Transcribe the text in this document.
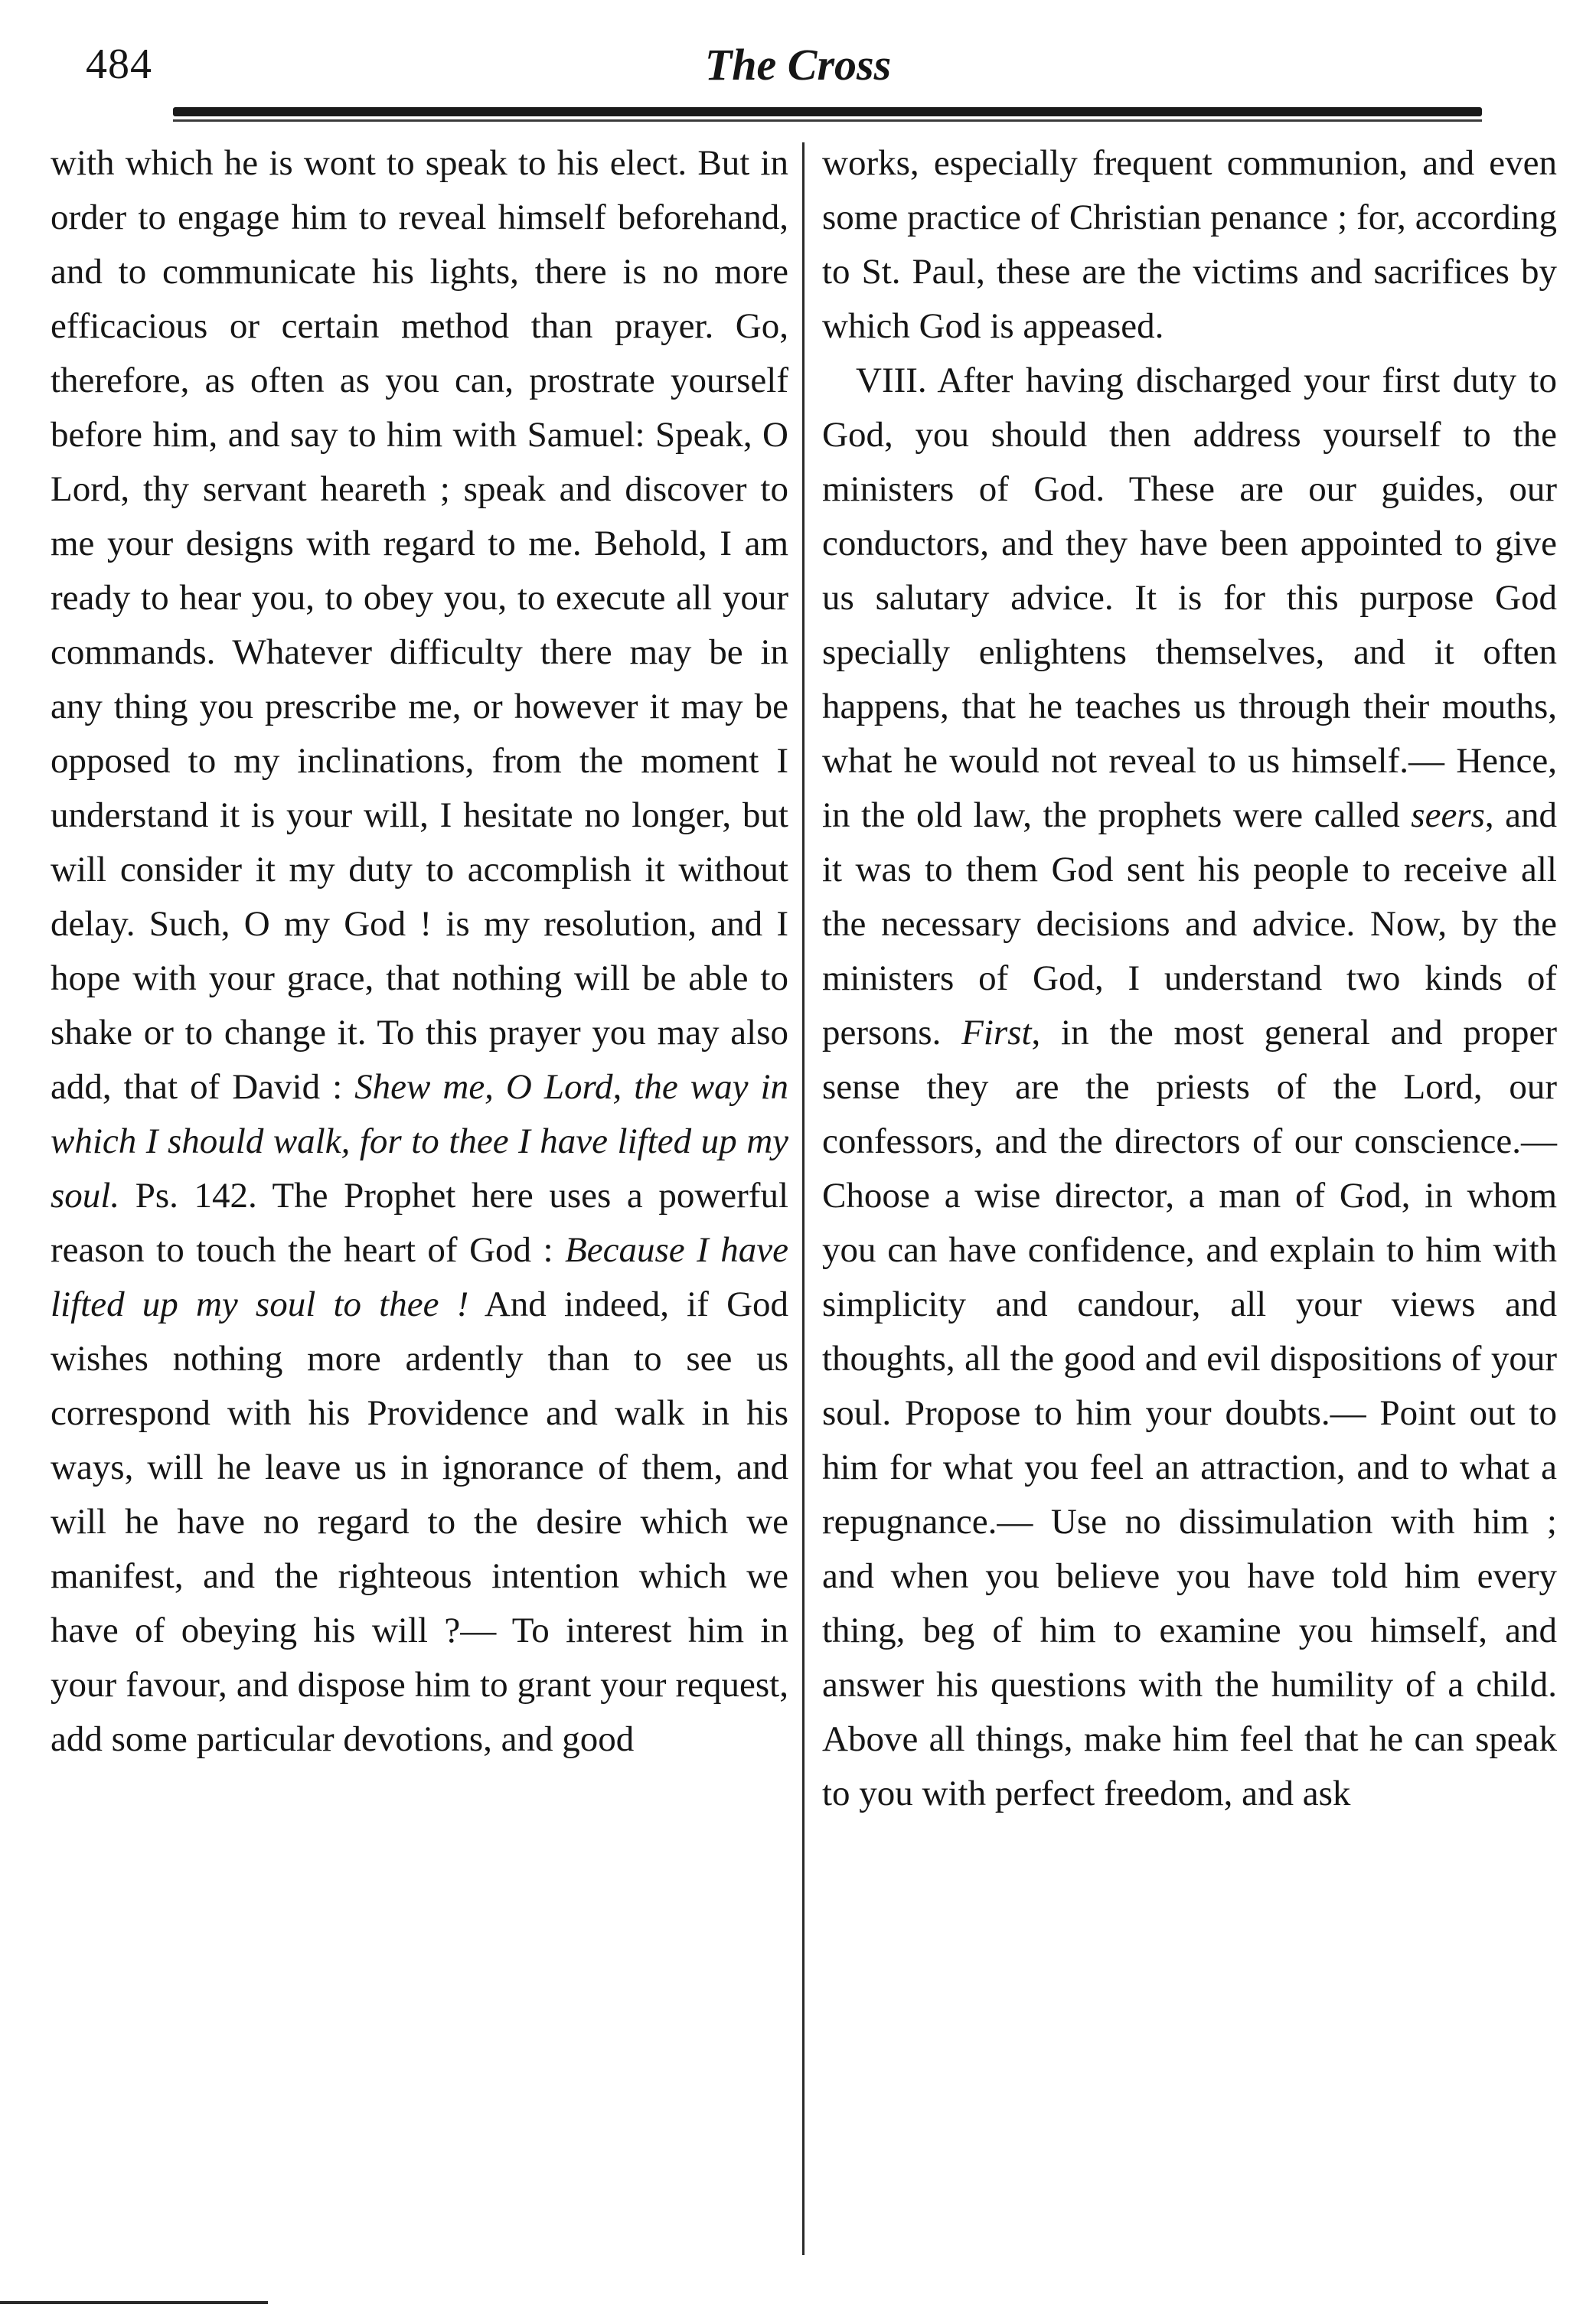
484	The Cross

with which he is wont to speak to his elect. But in order to engage him to reveal himself beforehand, and to communicate his lights, there is no more efficacious or certain method than prayer. Go, therefore, as often as you can, prostrate yourself before him, and say to him with Samuel: Speak, O Lord, thy servant heareth ; speak and discover to me your designs with regard to me. Behold, I am ready to hear you, to obey you, to execute all your commands. Whatever difficulty there may be in any thing you prescribe me, or however it may be opposed to my inclinations, from the moment I understand it is your will, I hesitate no longer, but will consider it my duty to accomplish it without delay. Such, O my God ! is my resolution, and I hope with your grace, that nothing will be able to shake or to change it. To this prayer you may also add, that of David : Shew me, O Lord, the way in which I should walk, for to thee I have lifted up my soul. Ps. 142. The Prophet here uses a powerful reason to touch the heart of God : Because I have lifted up my soul to thee ! And indeed, if God wishes nothing more ardently than to see us correspond with his Providence and walk in his ways, will he leave us in ignorance of them, and will he have no regard to the desire which we manifest, and the righteous intention which we have of obeying his will ?— To interest him in your favour, and dispose him to grant your request, add some particular devotions, and good

works, especially frequent communion, and even some practice of Christian penance ; for, according to St. Paul, these are the victims and sacrifices by which God is appeased.

VIII. After having discharged your first duty to God, you should then address yourself to the ministers of God. These are our guides, our conductors, and they have been appointed to give us salutary advice. It is for this purpose God specially enlightens themselves, and it often happens, that he teaches us through their mouths, what he would not reveal to us himself.— Hence, in the old law, the prophets were called seers, and it was to them God sent his people to receive all the necessary decisions and advice. Now, by the ministers of God, I understand two kinds of persons. First, in the most general and proper sense they are the priests of the Lord, our confessors, and the directors of our conscience.— Choose a wise director, a man of God, in whom you can have confidence, and explain to him with simplicity and candour, all your views and thoughts, all the good and evil dispositions of your soul. Propose to him your doubts.— Point out to him for what you feel an attraction, and to what a repugnance.— Use no dissimulation with him ; and when you believe you have told him every thing, beg of him to examine you himself, and answer his questions with the humility of a child. Above all things, make him feel that he can speak to you with perfect freedom, and ask
